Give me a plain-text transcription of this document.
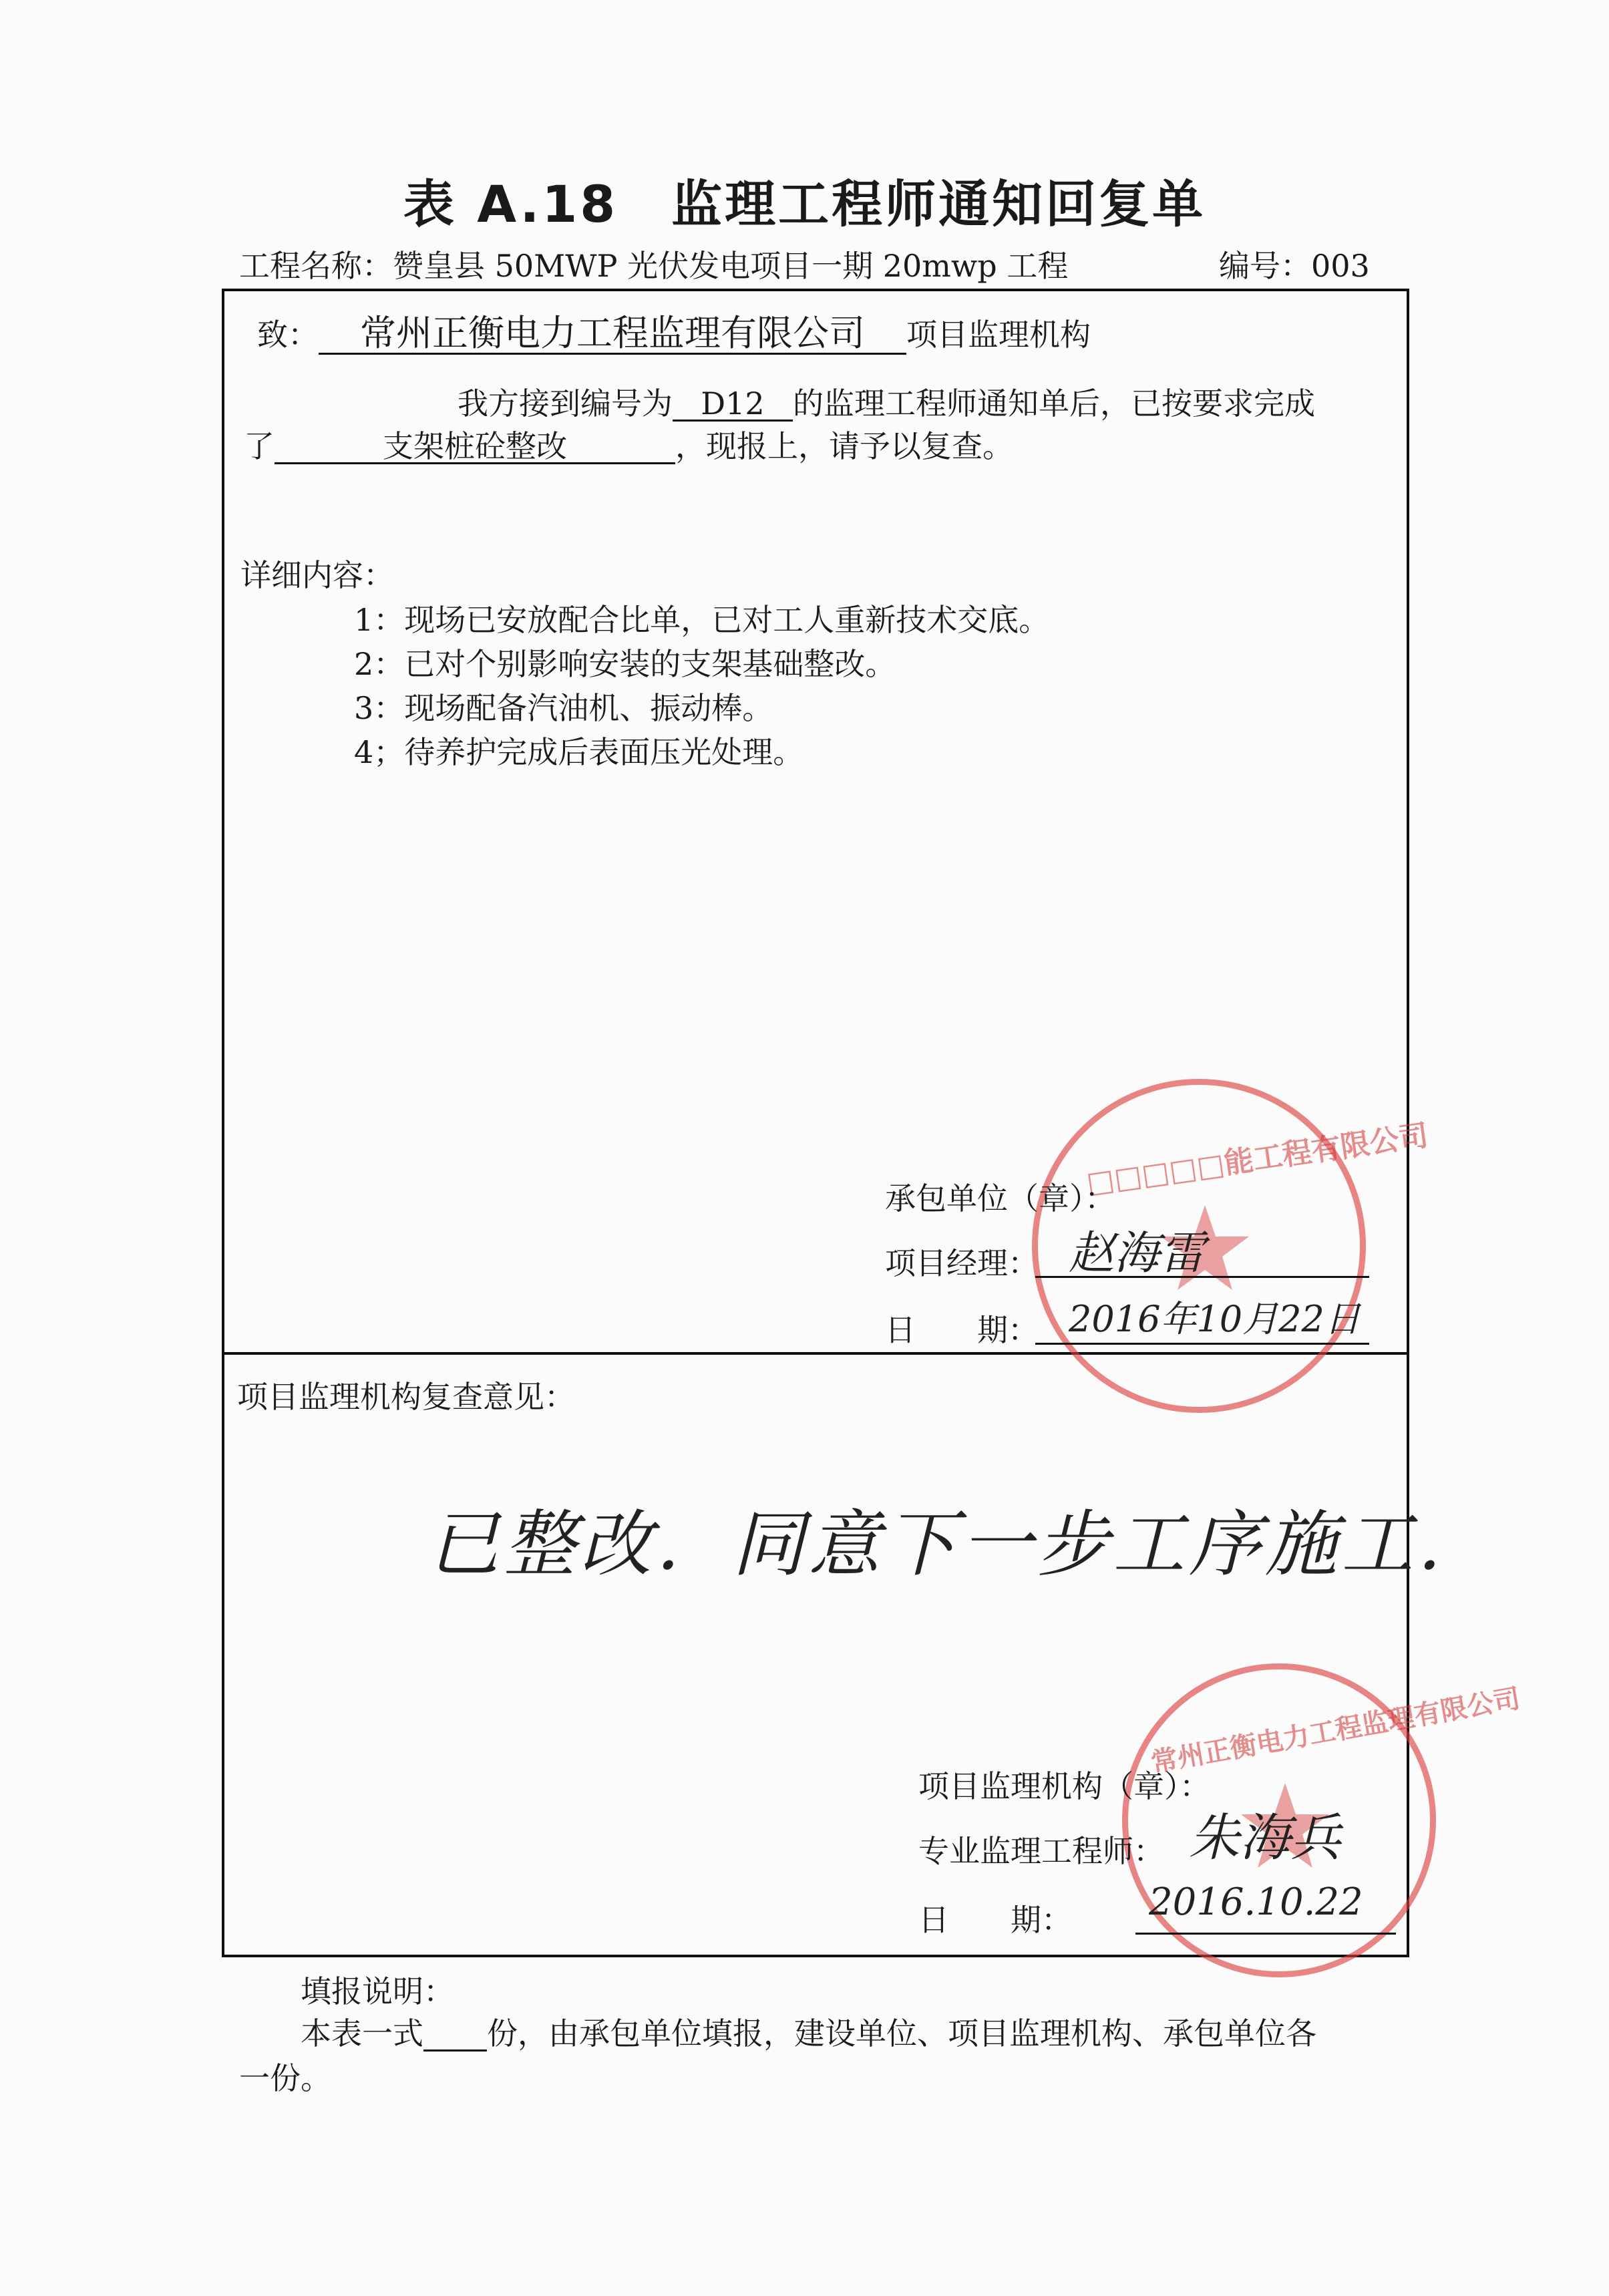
表 A.18 监理工程师通知回复单
工程名称：赞皇县 50MWP 光伏发电项目一期 20mwp 工程	编号：003
致： 常州正衡电力工程监理有限公司 项目监理机构
我方接到编号为 D12 的监理工程师通知单后，已按要求完成
了	支架桩砼整改	，现报上，请予以复查。
详细内容：
1：现场已安放配合比单，已对工人重新技术交底。
2：已对个别影响安装的支架基础整改。
3：现场配备汽油机、振动棒。
4；待养护完成后表面压光处理。
□□□□□能工程有限公司
承包单位（章）：
项目经理： 赵海雷
日　　期： 2016年10月22日
项目监理机构复查意见：
已整改．同意下一步工序施工．
常州正衡电力工程监理有限公司
项目监理机构（章）：
专业监理工程师： 朱海兵
日　　期： 2016.10.22
填报说明：
本表一式 份，由承包单位填报，建设单位、项目监理机构、承包单位各
一份。
